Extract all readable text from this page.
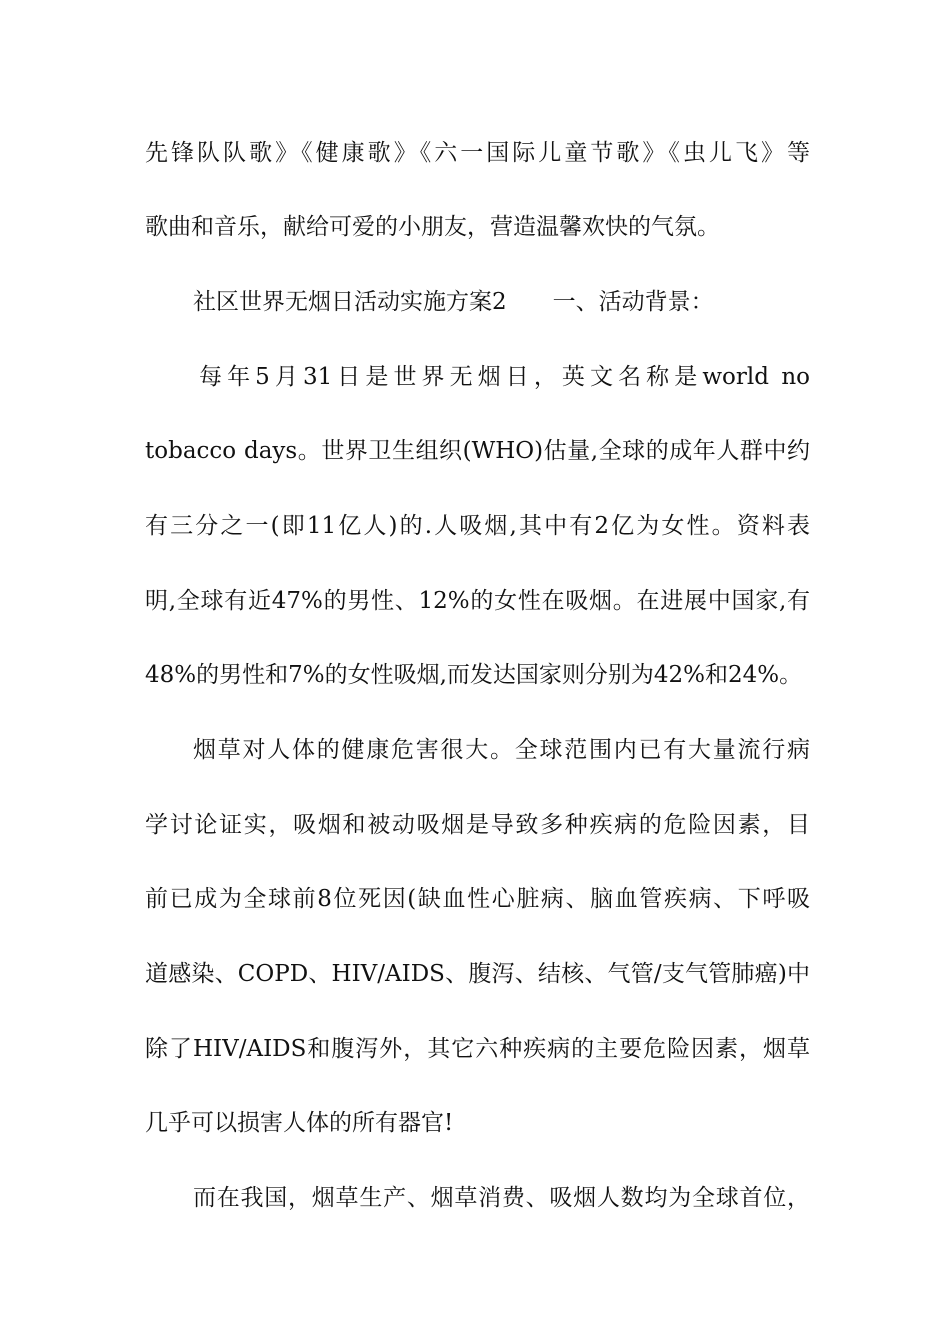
先锋队队歌》《健康歌》《六一国际儿童节歌》《虫儿飞》等
歌曲和音乐，献给可爱的小朋友，营造温馨欢快的气氛。
社区世界无烟日活动实施方案2　　一、活动背景：
每年5月31日是世界无烟日，英文名称是world no
tobacco days。世界卫生组织(WHO)估量,全球的成年人群中约
有三分之一(即11亿人)的.人吸烟,其中有2亿为女性。资料表
明,全球有近47%的男性、12%的女性在吸烟。在进展中国家,有
48%的男性和7%的女性吸烟,而发达国家则分别为42%和24%。
烟草对人体的健康危害很大。全球范围内已有大量流行病
学讨论证实，吸烟和被动吸烟是导致多种疾病的危险因素，目
前已成为全球前8位死因(缺血性心脏病、脑血管疾病、下呼吸
道感染、COPD、HIV/AIDS、腹泻、结核、气管/支气管肺癌)中
除了HIV/AIDS和腹泻外，其它六种疾病的主要危险因素，烟草
几乎可以损害人体的所有器官!
而在我国，烟草生产、烟草消费、吸烟人数均为全球首位，
